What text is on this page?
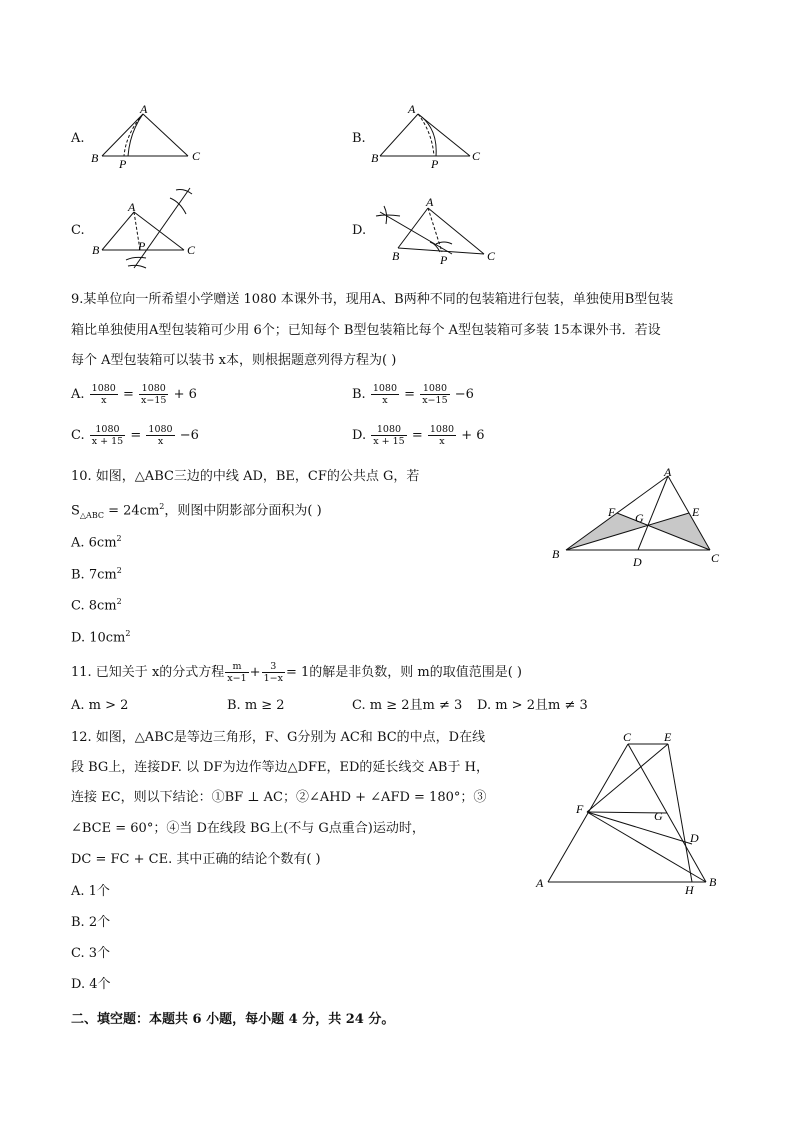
A.
A
B	C
P
B.
A
B	C
P
C.
A
B	C
P
D.
A
B	C
P
9.某单位向一所希望小学赠送 1080 本课外书，现用A、B两种不同的包装箱进行包装，单独使用B型包装
箱比单独使用A型包装箱可少用 6个；已知每个 B型包装箱比每个 A型包装箱可多装 15本课外书．若设
每个 A型包装箱可以装书 x本，则根据题意列得方程为( )
A. $\frac{1080}{x} = \frac{1080}{x-15} + 6$	B. $\frac{1080}{x} = \frac{1080}{x-15} -6$
C. $\frac{1080}{x + 15} = \frac{1080}{x} -6$	D. $\frac{1080}{x + 15} = \frac{1080}{x} + 6$
10. 如图，△ABC三边的中线 AD，BE，CF的公共点 G，若
$S_{\triangle ABC} = 24cm^2$，则图中阴影部分面积为( )
A. $6cm^2$
B. $7cm^2$
C. $8cm^2$
D. $10cm^2$
A
B	C
D
E
F G
11. 已知关于 x的分式方程 $\frac{m}{x-1} + \frac{3}{1-x} = 1$的解是非负数，则 m的取值范围是( )
A. m > 2	B. m ≥ 2	C. m ≥ 2且m ≠ 3 D. m > 2且m ≠ 3
12. 如图，△ABC是等边三角形，F、G分别为 AC和 BC的中点，D在线
段 BG上，连接DF. 以 DF为边作等边△DFE，ED的延长线交 AB于 H，
连接 EC，则以下结论：①BF ⊥ AC；②∠AHD + ∠AFD = 180°；③
∠BCE = 60°；④当 D在线段 BG上(不与 G点重合)运动时，
DC = FC + CE. 其中正确的结论个数有( )
A. 1个
B. 2个
C. 3个
D. 4个
C	E
F	G
D
A	B
H
二、填空题：本题共 6 小题，每小题 4 分，共 24 分。
